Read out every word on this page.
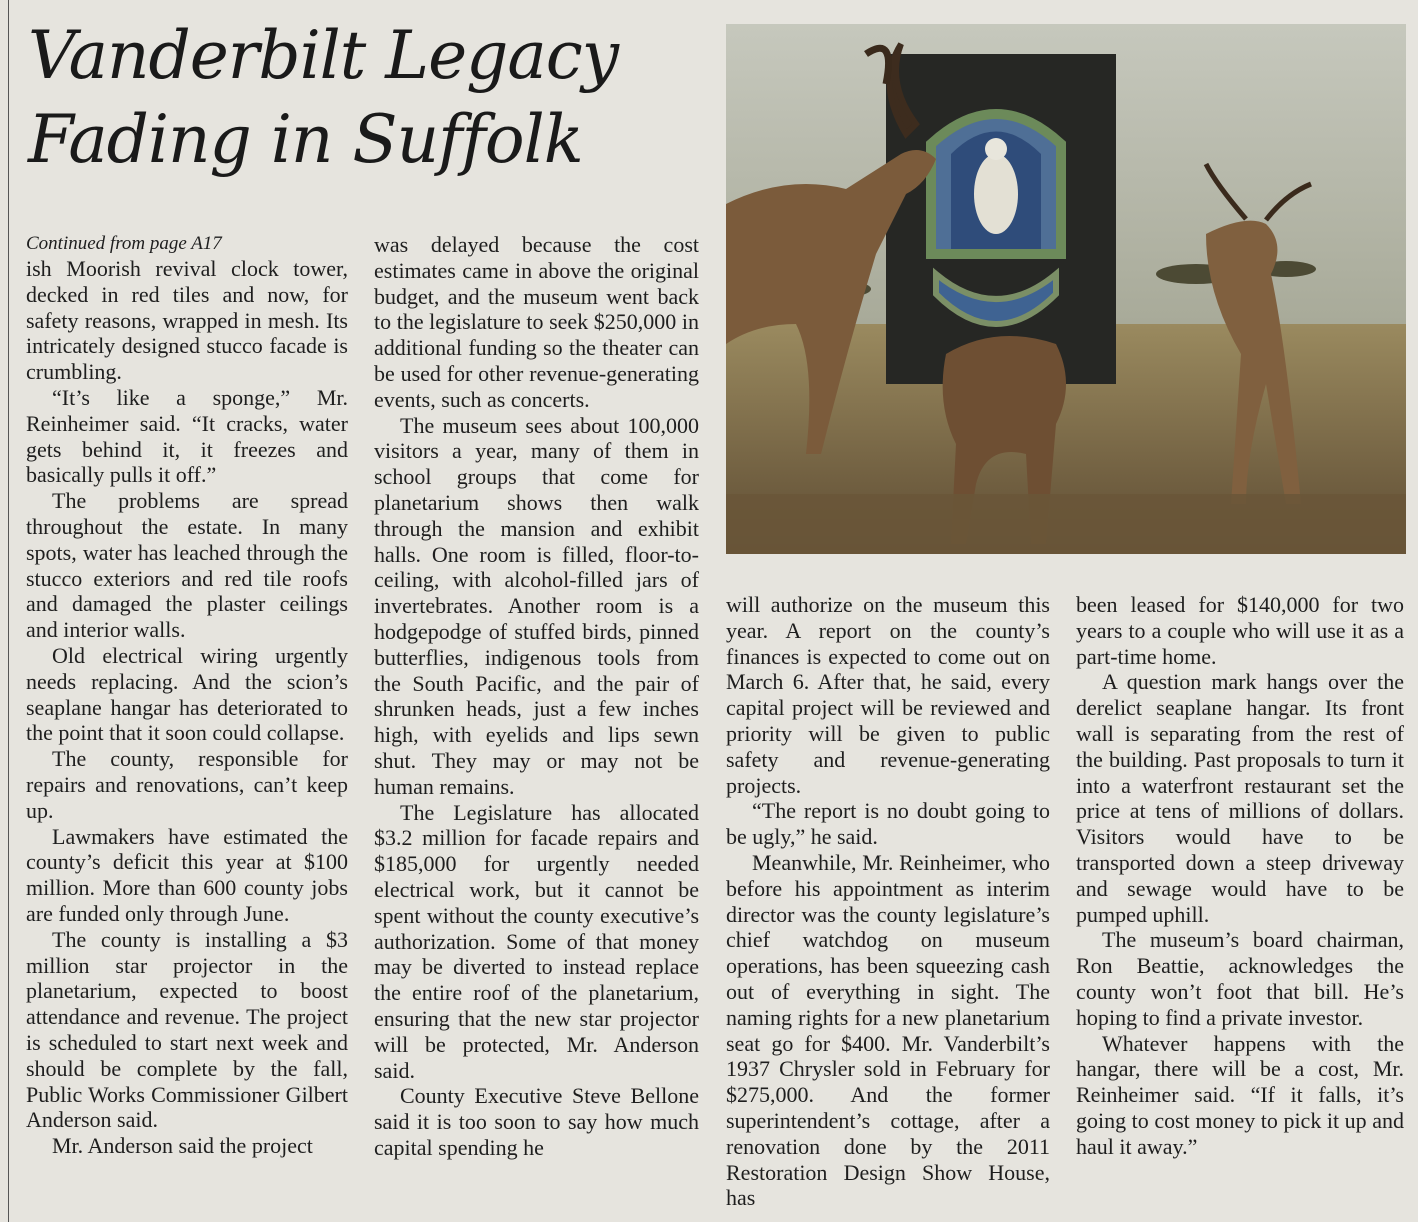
Vanderbilt Legacy
Fading in Suffolk
Continued from page A17

ish Moorish revival clock tower, decked in red tiles and now, for safety reasons, wrapped in mesh. Its intricately designed stucco facade is crumbling.

“It’s like a sponge,” Mr. Reinheimer said. “It cracks, water gets behind it, it freezes and basically pulls it off.”

The problems are spread throughout the estate. In many spots, water has leached through the stucco exteriors and red tile roofs and damaged the plaster ceilings and interior walls.

Old electrical wiring urgently needs replacing. And the scion’s seaplane hangar has deteriorated to the point that it soon could collapse.

The county, responsible for repairs and renovations, can’t keep up.

Lawmakers have estimated the county’s deficit this year at $100 million. More than 600 county jobs are funded only through June.

The county is installing a $3 million star projector in the planetarium, expected to boost attendance and revenue. The project is scheduled to start next week and should be complete by the fall, Public Works Commissioner Gilbert Anderson said.

Mr. Anderson said the project

was delayed because the cost estimates came in above the original budget, and the museum went back to the legislature to seek $250,000 in additional funding so the theater can be used for other revenue-generating events, such as concerts.

The museum sees about 100,000 visitors a year, many of them in school groups that come for planetarium shows then walk through the mansion and exhibit halls. One room is filled, floor-to-ceiling, with alcohol-filled jars of invertebrates. Another room is a hodgepodge of stuffed birds, pinned butterflies, indigenous tools from the South Pacific, and the pair of shrunken heads, just a few inches high, with eyelids and lips sewn shut. They may or may not be human remains.

The Legislature has allocated $3.2 million for facade repairs and $185,000 for urgently needed electrical work, but it cannot be spent without the county executive’s authorization. Some of that money may be diverted to instead replace the entire roof of the planetarium, ensuring that the new star projector will be protected, Mr. Anderson said.

County Executive Steve Bellone said it is too soon to say how much capital spending he

will authorize on the museum this year. A report on the county’s finances is expected to come out on March 6. After that, he said, every capital project will be reviewed and priority will be given to public safety and revenue-generating projects.

“The report is no doubt going to be ugly,” he said.

Meanwhile, Mr. Reinheimer, who before his appointment as interim director was the county legislature’s chief watchdog on museum operations, has been squeezing cash out of everything in sight. The naming rights for a new planetarium seat go for $400. Mr. Vanderbilt’s 1937 Chrysler sold in February for $275,000. And the former superintendent’s cottage, after a renovation done by the 2011 Restoration Design Show House, has

been leased for $140,000 for two years to a couple who will use it as a part-time home.

A question mark hangs over the derelict seaplane hangar. Its front wall is separating from the rest of the building. Past proposals to turn it into a waterfront restaurant set the price at tens of millions of dollars. Visitors would have to be transported down a steep driveway and sewage would have to be pumped uphill.

The museum’s board chairman, Ron Beattie, acknowledges the county won’t foot that bill. He’s hoping to find a private investor.

Whatever happens with the hangar, there will be a cost, Mr. Reinheimer said. “If it falls, it’s going to cost money to pick it up and haul it away.”
